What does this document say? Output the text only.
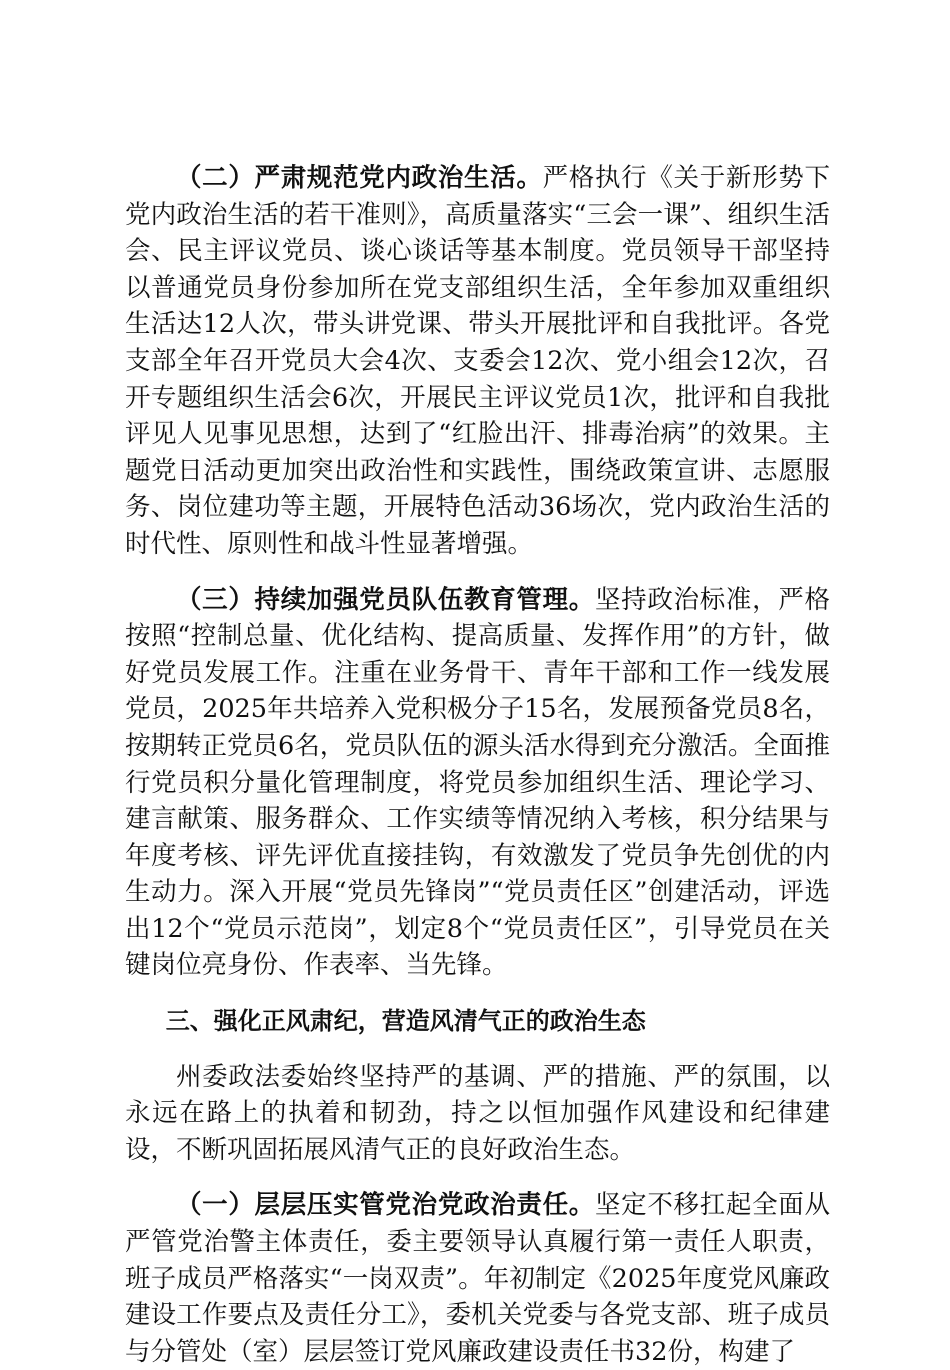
（二）严肃规范党内政治生活。严格执行《关于新形势下党内政治生活的若干准则》，高质量落实“三会一课”、组织生活会、民主评议党员、谈心谈话等基本制度。党员领导干部坚持以普通党员身份参加所在党支部组织生活，全年参加双重组织生活达12人次，带头讲党课、带头开展批评和自我批评。各党支部全年召开党员大会4次、支委会12次、党小组会12次，召开专题组织生活会6次，开展民主评议党员1次，批评和自我批评见人见事见思想，达到了“红脸出汗、排毒治病”的效果。主题党日活动更加突出政治性和实践性，围绕政策宣讲、志愿服务、岗位建功等主题，开展特色活动36场次，党内政治生活的时代性、原则性和战斗性显著增强。

（三）持续加强党员队伍教育管理。坚持政治标准，严格按照“控制总量、优化结构、提高质量、发挥作用”的方针，做好党员发展工作。注重在业务骨干、青年干部和工作一线发展党员，2025年共培养入党积极分子15名，发展预备党员8名，按期转正党员6名，党员队伍的源头活水得到充分激活。全面推行党员积分量化管理制度，将党员参加组织生活、理论学习、建言献策、服务群众、工作实绩等情况纳入考核，积分结果与年度考核、评先评优直接挂钩，有效激发了党员争先创优的内生动力。深入开展“党员先锋岗”“党员责任区”创建活动，评选出12个“党员示范岗”，划定8个“党员责任区”，引导党员在关键岗位亮身份、作表率、当先锋。

三、强化正风肃纪，营造风清气正的政治生态

州委政法委始终坚持严的基调、严的措施、严的氛围，以永远在路上的执着和韧劲，持之以恒加强作风建设和纪律建设，不断巩固拓展风清气正的良好政治生态。

（一）层层压实管党治党政治责任。坚定不移扛起全面从严管党治警主体责任，委主要领导认真履行第一责任人职责，班子成员严格落实“一岗双责”。年初制定《2025年度党风廉政建设工作要点及责任分工》，委机关党委与各党支部、班子成员与分管处（室）层层签订党风廉政建设责任书32份，构建了
